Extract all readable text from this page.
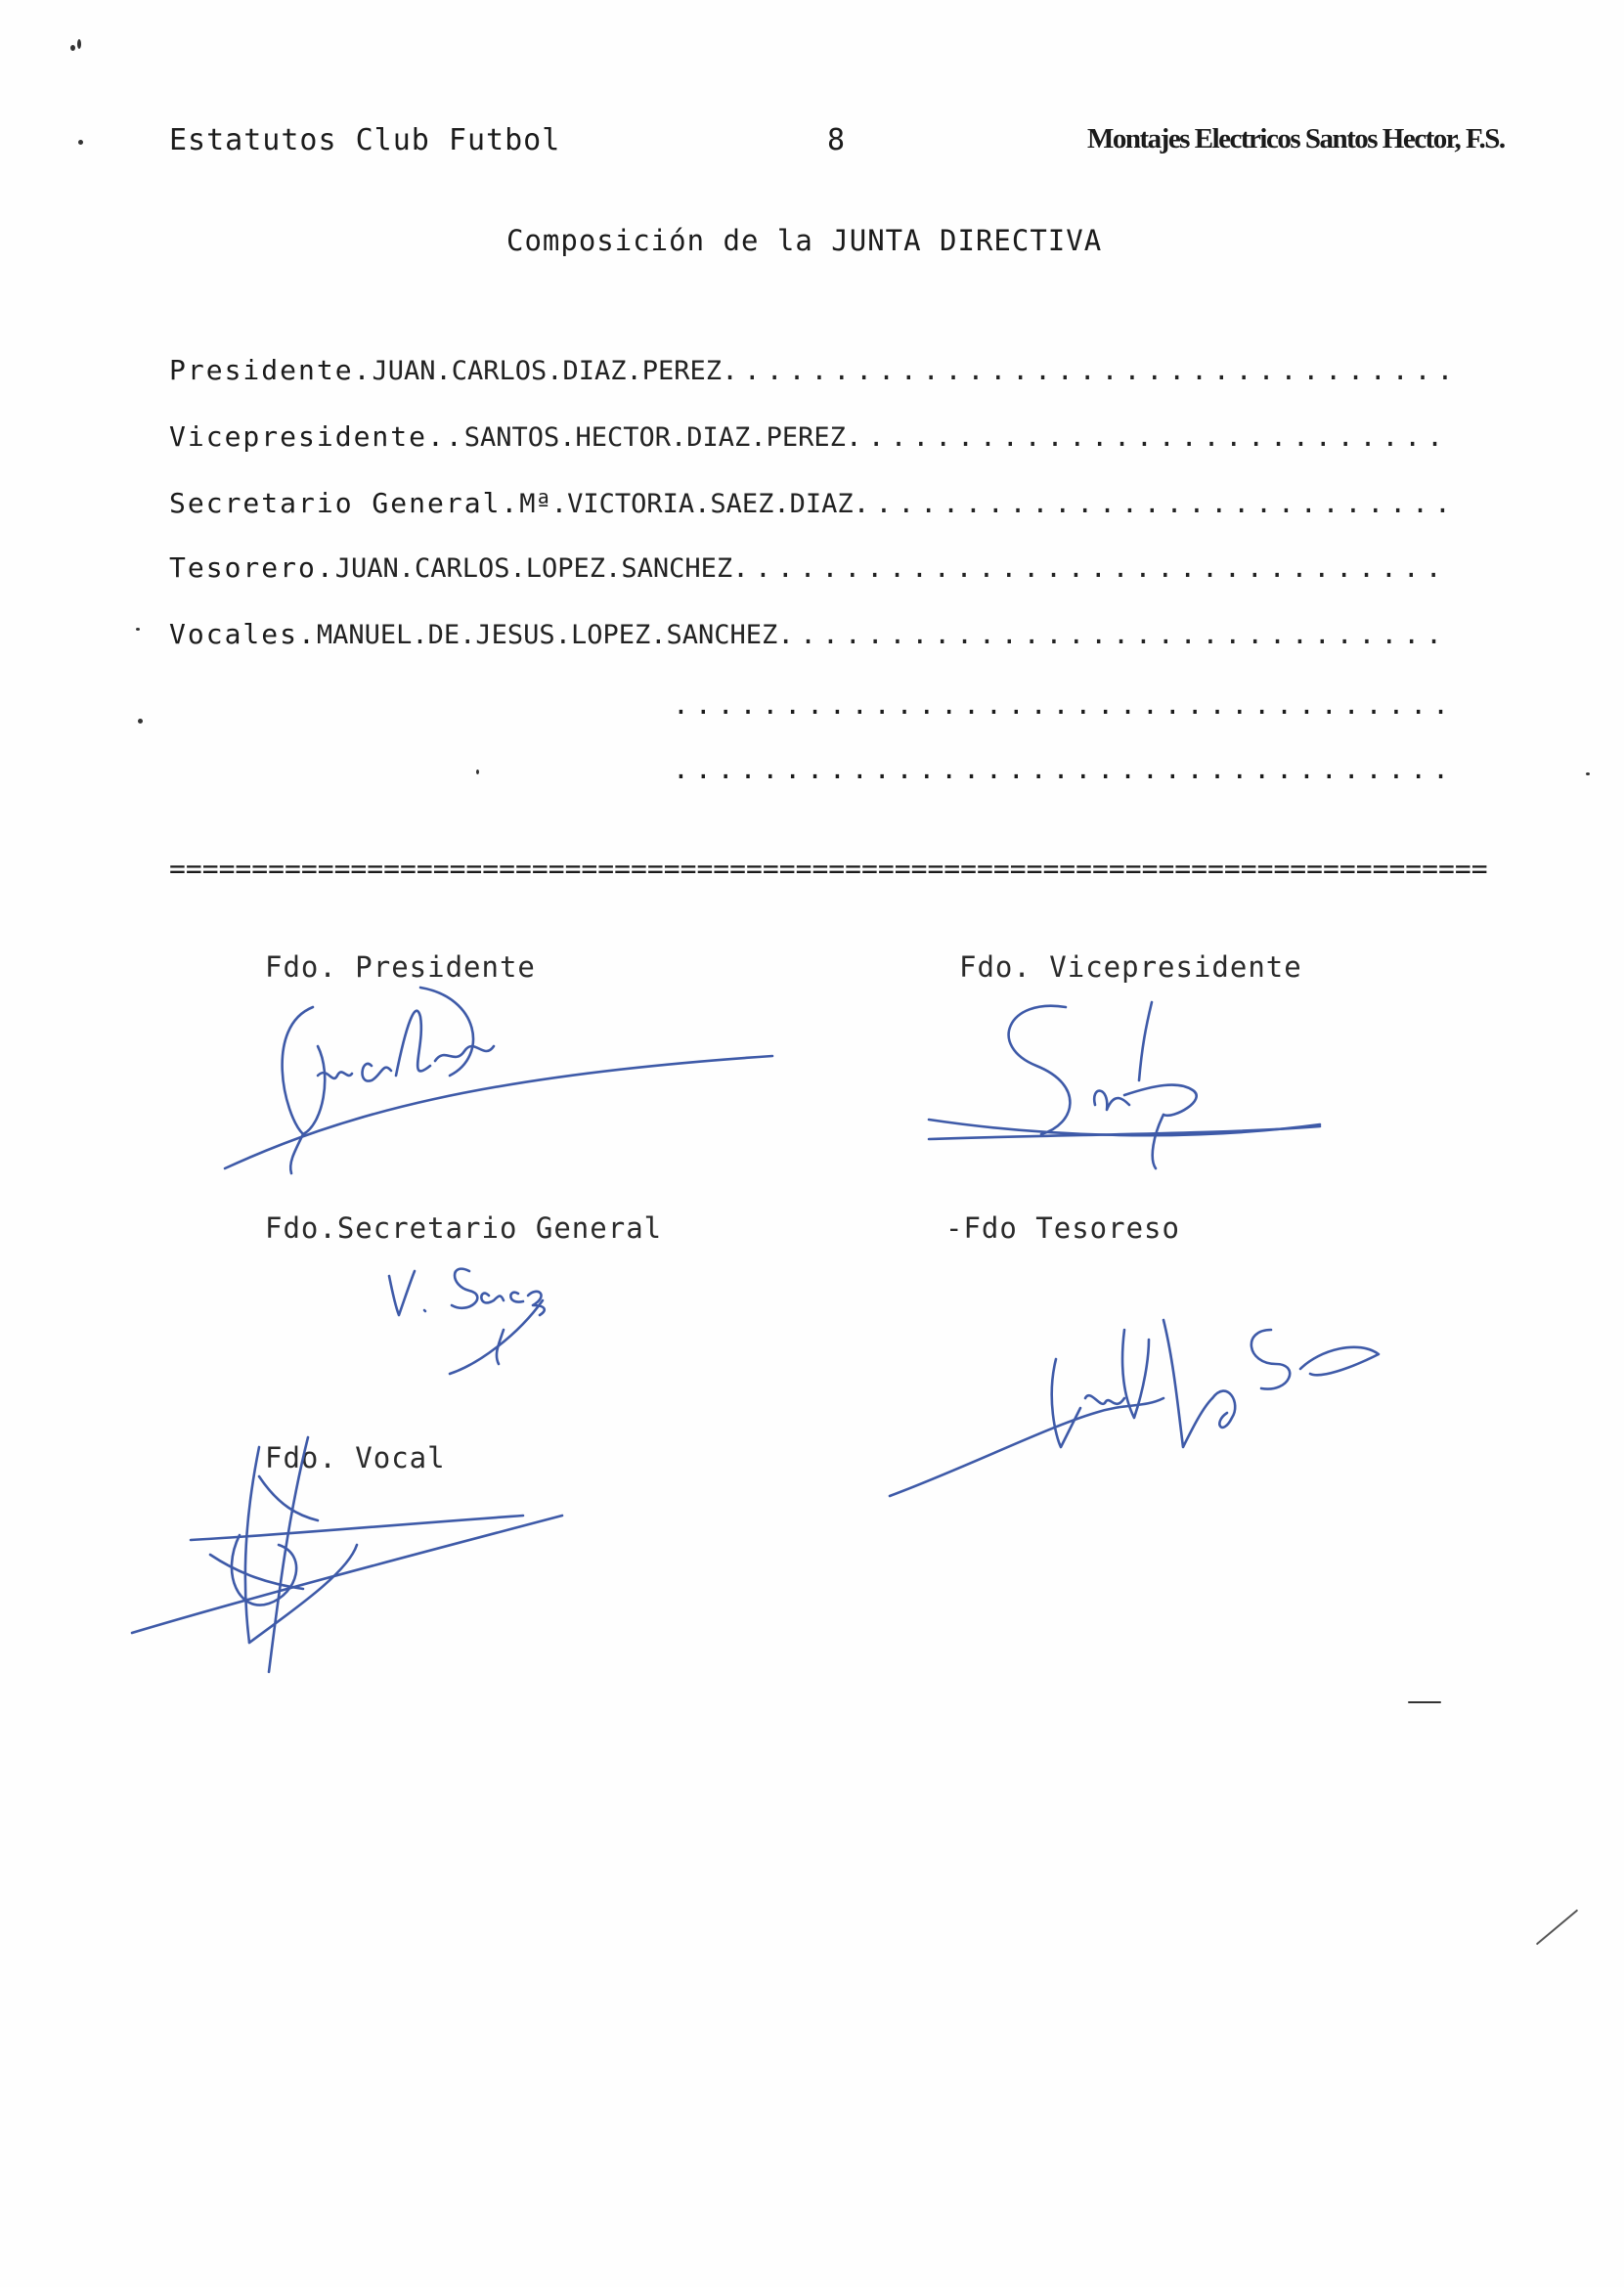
Estatutos Club Futbol	8	Montajes Electricos Santos Hector, F.S.
Composición de la JUNTA DIRECTIVA
Presidente. JUAN.CARLOS.DIAZ.PEREZ
.....
Vicepresidente.. SANTOS.HECTOR.DIAZ.PEREZ
.....
Secretario General. Mª.VICTORIA.SAEZ.DIAZ
.....
Tesorero. JUAN.CARLOS.LOPEZ.SANCHEZ
.....
Vocales. MANUEL.DE.JESUS.LOPEZ.SANCHEZ
.....
.....
.....
=====
Fdo. Presidente	Fdo. Vicepresidente
Fdo.Secretario General	-Fdo Tesoreso
Fdo. Vocal
